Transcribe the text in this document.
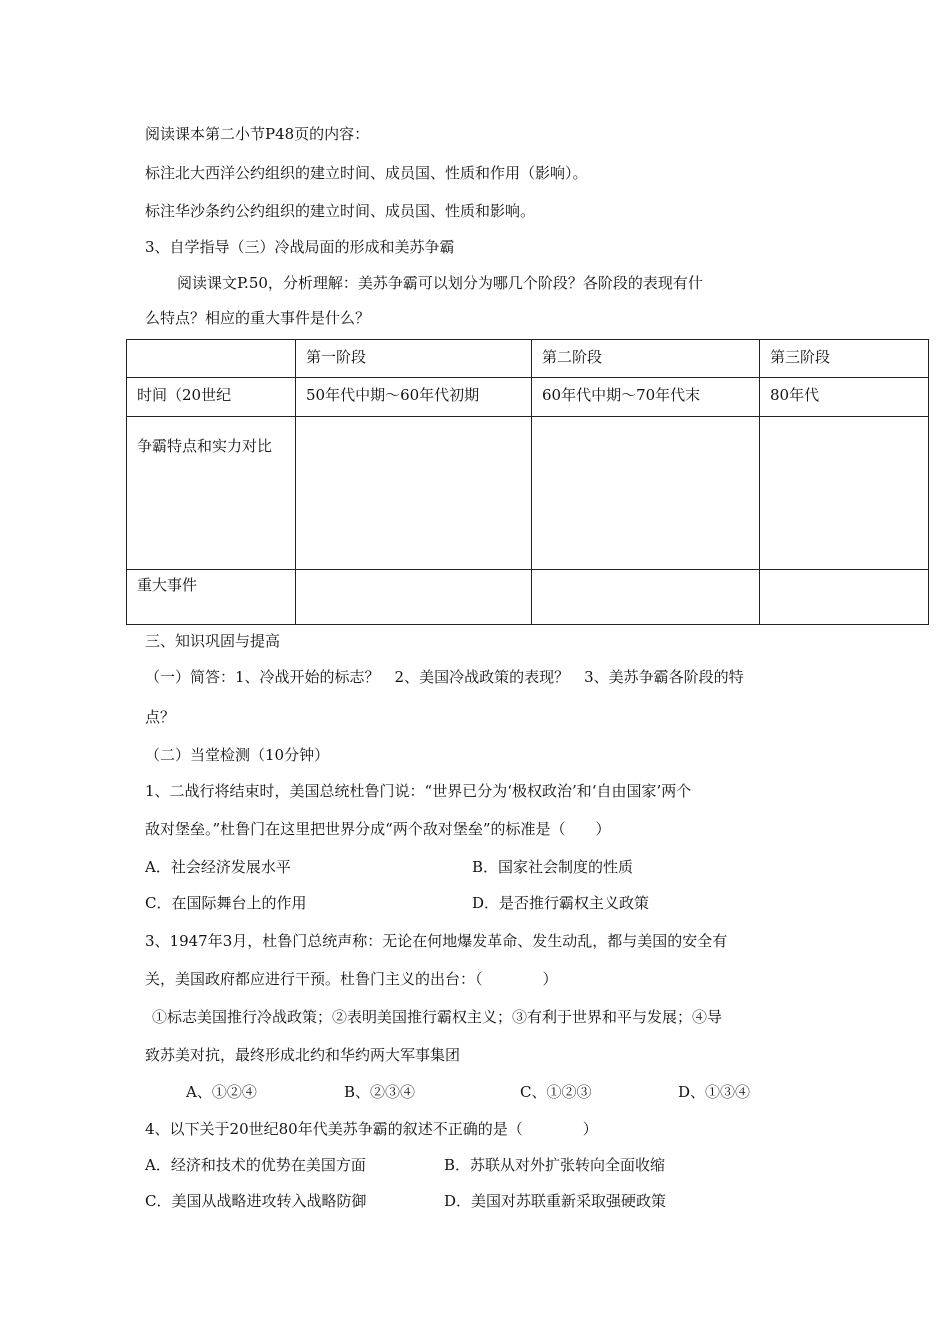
阅读课本第二小节P48页的内容：
标注北大西洋公约组织的建立时间、成员国、性质和作用（影响）。
标注华沙条约公约组织的建立时间、成员国、性质和影响。
3、自学指导（三）冷战局面的形成和美苏争霸
阅读课文P.50，分析理解：美苏争霸可以划分为哪几个阶段？各阶段的表现有什
么特点？相应的重大事件是什么？

	第一阶段	第二阶段	第三阶段

时间（20世纪	50年代中期～60年代初期	60年代中期～70年代末	80年代

争霸特点和实力对比			

重大事件			

三、知识巩固与提高
（一）简答：1、冷战开始的标志？　2、美国冷战政策的表现？　3、美苏争霸各阶段的特
点？
（二）当堂检测（10分钟）
1、二战行将结束时，美国总统杜鲁门说：“世界已分为‘极权政治’和‘自由国家’两个
敌对堡垒。”杜鲁门在这里把世界分成“两个敌对堡垒”的标准是（　　）
A．社会经济发展水平	B．国家社会制度的性质
C．在国际舞台上的作用	D．是否推行霸权主义政策
3、1947年3月，杜鲁门总统声称：无论在何地爆发革命、发生动乱，都与美国的安全有
关，美国政府都应进行干预。杜鲁门主义的出台：（　　　　）
①标志美国推行冷战政策；②表明美国推行霸权主义；③有利于世界和平与发展；④导
致苏美对抗，最终形成北约和华约两大军事集团
A、①②④	B、②③④	C、①②③	D、①③④
4、以下关于20世纪80年代美苏争霸的叙述不正确的是（　　　　）
A．经济和技术的优势在美国方面	B．苏联从对外扩张转向全面收缩
C．美国从战略进攻转入战略防御	D．美国对苏联重新采取强硬政策
